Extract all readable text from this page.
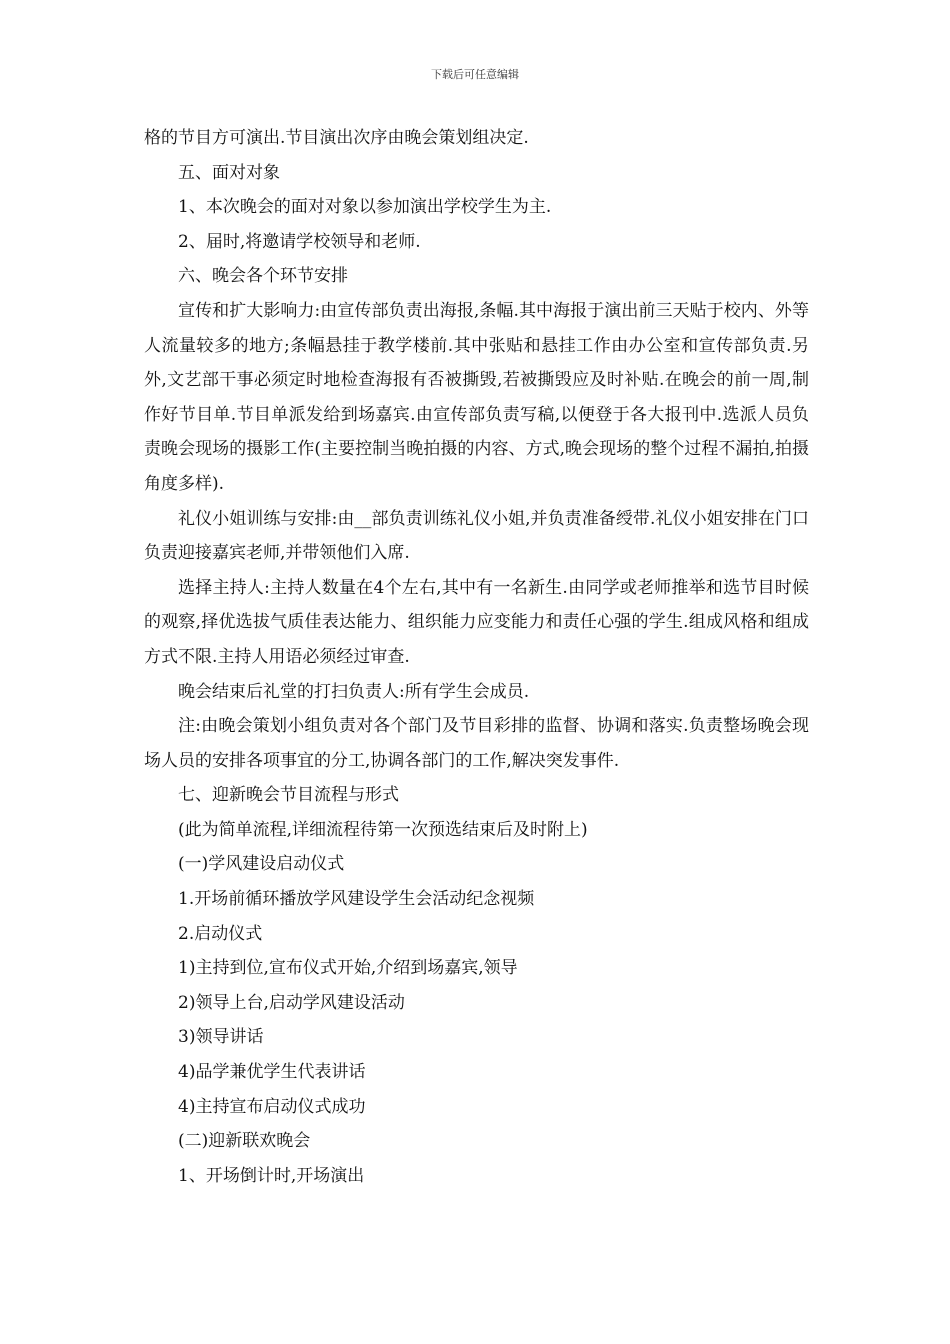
下载后可任意编辑

格的节目方可演出.节目演出次序由晚会策划组决定.

五、面对对象

1、本次晚会的面对对象以参加演出学校学生为主.

2、届时,将邀请学校领导和老师.

六、晚会各个环节安排

宣传和扩大影响力:由宣传部负责出海报,条幅.其中海报于演出前三天贴于校内、外等人流量较多的地方;条幅悬挂于教学楼前.其中张贴和悬挂工作由办公室和宣传部负责.另外,文艺部干事必须定时地检查海报有否被撕毁,若被撕毁应及时补贴.在晚会的前一周,制作好节目单.节目单派发给到场嘉宾.由宣传部负责写稿,以便登于各大报刊中.选派人员负责晚会现场的摄影工作(主要控制当晚拍摄的内容、方式,晚会现场的整个过程不漏拍,拍摄角度多样).

礼仪小姐训练与安排:由__部负责训练礼仪小姐,并负责准备绶带.礼仪小姐安排在门口负责迎接嘉宾老师,并带领他们入席.

选择主持人:主持人数量在4个左右,其中有一名新生.由同学或老师推举和选节目时候的观察,择优选拔气质佳表达能力、组织能力应变能力和责任心强的学生.组成风格和组成方式不限.主持人用语必须经过审查.

晚会结束后礼堂的打扫负责人:所有学生会成员.

注:由晚会策划小组负责对各个部门及节目彩排的监督、协调和落实.负责整场晚会现场人员的安排各项事宜的分工,协调各部门的工作,解决突发事件.

七、迎新晚会节目流程与形式

(此为简单流程,详细流程待第一次预选结束后及时附上)

(一)学风建设启动仪式

1.开场前循环播放学风建设学生会活动纪念视频

2.启动仪式

1)主持到位,宣布仪式开始,介绍到场嘉宾,领导

2)领导上台,启动学风建设活动

3)领导讲话

4)品学兼优学生代表讲话

4)主持宣布启动仪式成功

(二)迎新联欢晚会

1、开场倒计时,开场演出
